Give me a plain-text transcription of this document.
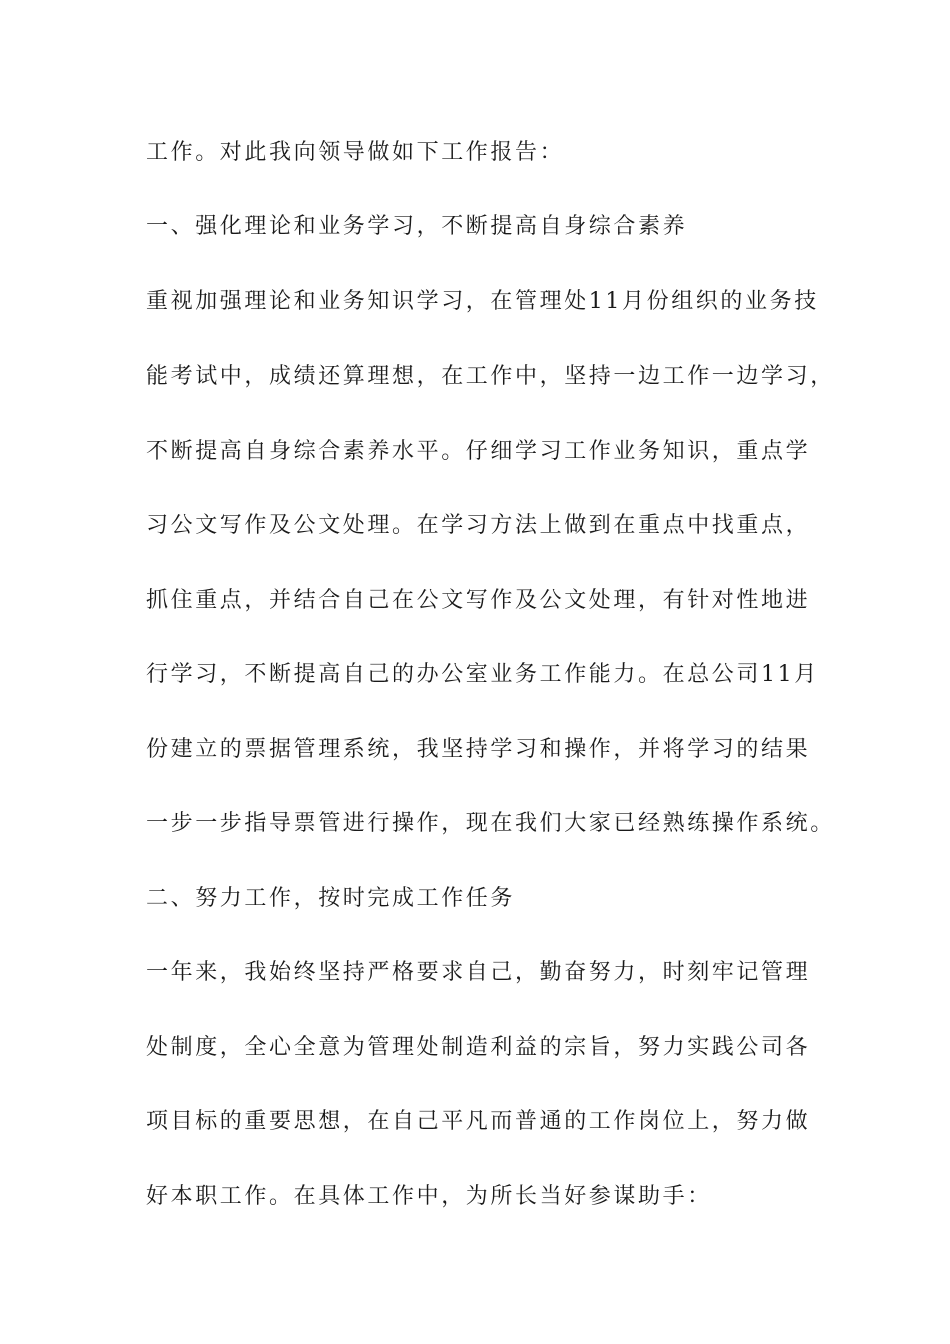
工作。对此我向领导做如下工作报告：
一、强化理论和业务学习，不断提高自身综合素养
重视加强理论和业务知识学习，在管理处11月份组织的业务技
能考试中，成绩还算理想，在工作中，坚持一边工作一边学习，
不断提高自身综合素养水平。仔细学习工作业务知识，重点学
习公文写作及公文处理。在学习方法上做到在重点中找重点，
抓住重点，并结合自己在公文写作及公文处理，有针对性地进
行学习，不断提高自己的办公室业务工作能力。在总公司11月
份建立的票据管理系统，我坚持学习和操作，并将学习的结果
一步一步指导票管进行操作，现在我们大家已经熟练操作系统。
二、努力工作，按时完成工作任务
一年来，我始终坚持严格要求自己，勤奋努力，时刻牢记管理
处制度，全心全意为管理处制造利益的宗旨，努力实践公司各
项目标的重要思想，在自己平凡而普通的工作岗位上，努力做
好本职工作。在具体工作中，为所长当好参谋助手：
